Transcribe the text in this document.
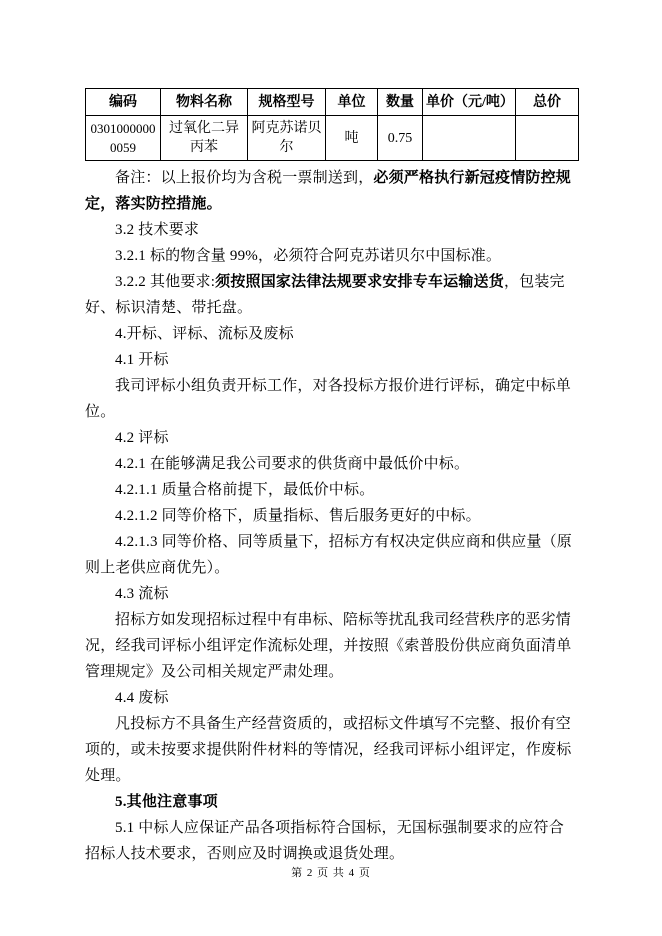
编码	物料名称	规格型号	单位	数量	单价（元/吨）	总价

0301000000
0059	过氧化二异丙苯	阿克苏诺贝尔	吨	0.75		

备注：以上报价均为含税一票制送到，必须严格执行新冠疫情防控规定，落实防控措施。

3.2 技术要求

3.2.1 标的物含量 99%，必须符合阿克苏诺贝尔中国标准。

3.2.2 其他要求:须按照国家法律法规要求安排专车运输送货，包装完好、标识清楚、带托盘。

4.开标、评标、流标及废标

4.1 开标

我司评标小组负责开标工作，对各投标方报价进行评标，确定中标单位。

4.2 评标

4.2.1 在能够满足我公司要求的供货商中最低价中标。

4.2.1.1 质量合格前提下，最低价中标。

4.2.1.2 同等价格下，质量指标、售后服务更好的中标。

4.2.1.3 同等价格、同等质量下，招标方有权决定供应商和供应量（原则上老供应商优先）。

4.3 流标

招标方如发现招标过程中有串标、陪标等扰乱我司经营秩序的恶劣情况，经我司评标小组评定作流标处理，并按照《索普股份供应商负面清单管理规定》及公司相关规定严肃处理。

4.4 废标

凡投标方不具备生产经营资质的，或招标文件填写不完整、报价有空项的，或未按要求提供附件材料的等情况，经我司评标小组评定，作废标处理。

5.其他注意事项

5.1 中标人应保证产品各项指标符合国标，无国标强制要求的应符合招标人技术要求，否则应及时调换或退货处理。

第 2 页 共 4 页
